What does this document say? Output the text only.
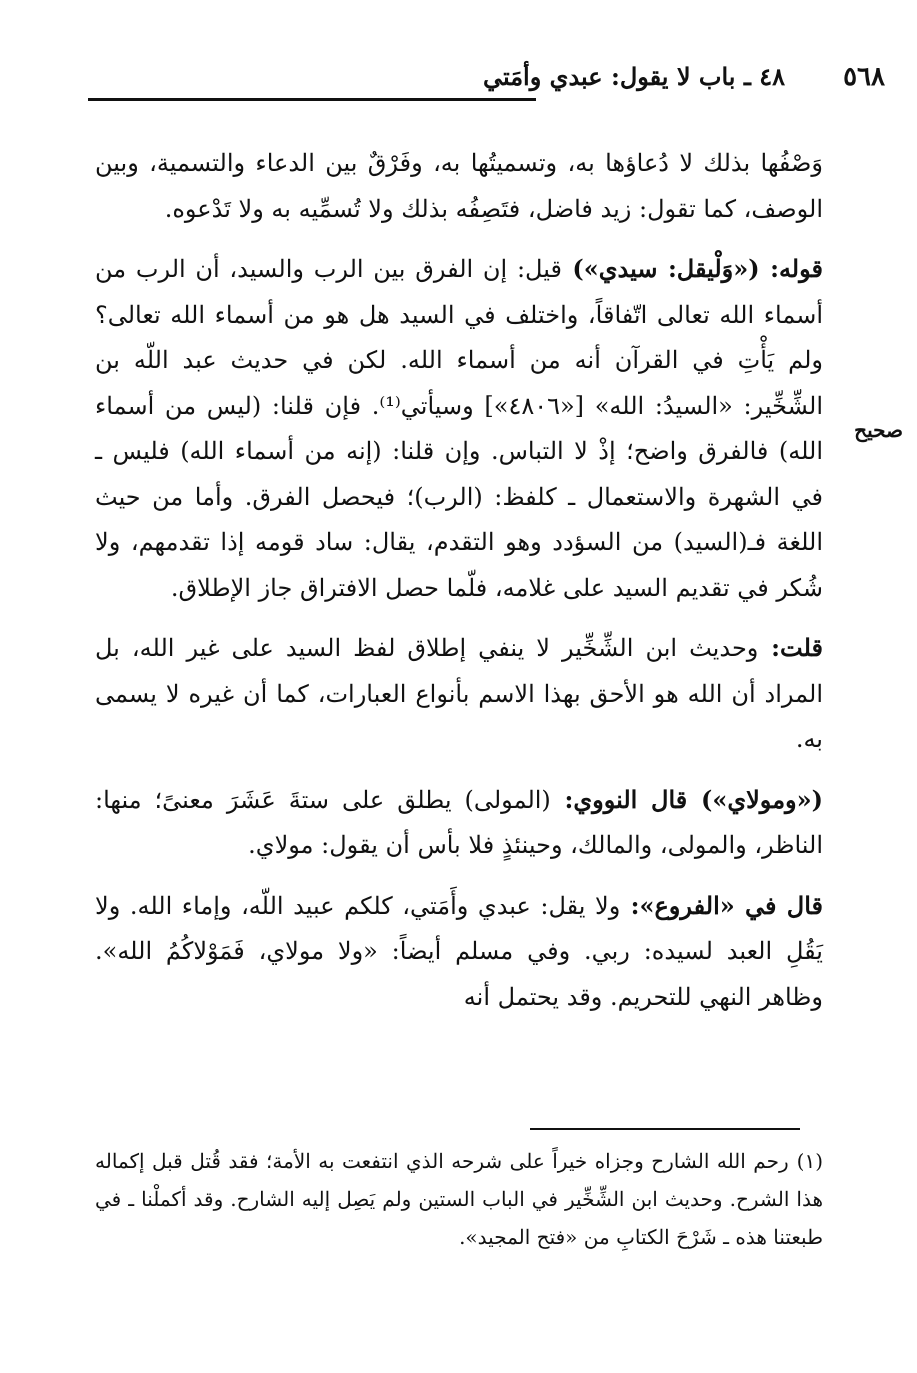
٥٦٨
٤٨ ـ باب لا يقول: عبدي وأمَتي
صحيح

وَصْفُها بذلك لا دُعاؤها به، وتسميتُها به، وفَرْقٌ بين الدعاء والتسمية، وبين الوصف، كما تقول: زيد فاضل، فتَصِفُه بذلك ولا تُسمِّيه به ولا تَدْعوه.

قوله: («وَلْيقل: سيدي») قيل: إن الفرق بين الرب والسيد، أن الرب من أسماء الله تعالى اتّفاقاً، واختلف في السيد هل هو من أسماء الله تعالى؟ ولم يَأْتِ في القرآن أنه من أسماء الله. لكن في حديث عبد اللّه بن الشِّخِّير: «السيدُ: الله» [«٤٨٠٦»] وسيأتي⁽¹⁾. فإن قلنا: (ليس من أسماء الله) فالفرق واضح؛ إذْ لا التباس. وإن قلنا: (إنه من أسماء الله) فليس ـ في الشهرة والاستعمال ـ كلفظ: (الرب)؛ فيحصل الفرق. وأما من حيث اللغة فـ(السيد) من السؤدد وهو التقدم، يقال: ساد قومه إذا تقدمهم، ولا شُكر في تقديم السيد على غلامه، فلّما حصل الافتراق جاز الإطلاق.

قلت: وحديث ابن الشِّخِّير لا ينفي إطلاق لفظ السيد على غير الله، بل المراد أن الله هو الأحق بهذا الاسم بأنواع العبارات، كما أن غيره لا يسمى به.

(«ومولاي») قال النووي: (المولى) يطلق على ستةَ عَشَرَ معنىً؛ منها: الناظر، والمولى، والمالك، وحينئذٍ فلا بأس أن يقول: مولاي.

قال في «الفروع»: ولا يقل: عبدي وأَمَتي، كلكم عبيد اللّه، وإماء الله. ولا يَقُلِ العبد لسيده: ربي. وفي مسلم أيضاً: «ولا مولاي، فَمَوْلاكُمُ الله». وظاهر النهي للتحريم. وقد يحتمل أنه

(١)رحم الله الشارح وجزاه خيراً على شرحه الذي انتفعت به الأمة؛ فقد قُتل قبل إكماله هذا الشرح. وحديث ابن الشِّخِّير في الباب الستين ولم يَصِل إليه الشارح. وقد أكملْنا ـ في طبعتنا هذه ـ شَرْحَ الكتابِ من «فتح المجيد».
